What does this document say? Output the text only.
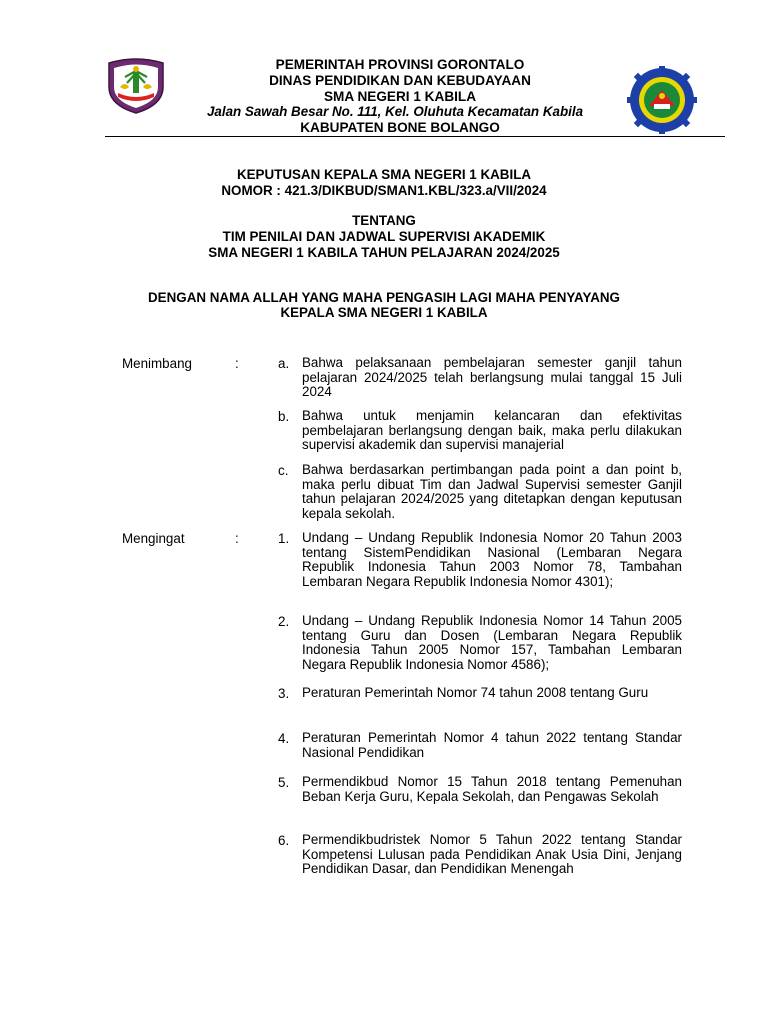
PEMERINTAH PROVINSI GORONTALO
DINAS PENDIDIKAN DAN KEBUDAYAAN
SMA NEGERI 1 KABILA
Jalan Sawah Besar No. 111, Kel. Oluhuta Kecamatan Kabila
KABUPATEN BONE BOLANGO
KEPUTUSAN KEPALA SMA NEGERI 1 KABILA
NOMOR : 421.3/DIKBUD/SMAN1.KBL/323.a/VII/2024
TENTANG
TIM PENILAI DAN JADWAL SUPERVISI AKADEMIK
SMA NEGERI 1 KABILA TAHUN PELAJARAN 2024/2025
DENGAN NAMA ALLAH YANG MAHA PENGASIH LAGI MAHA PENYAYANG
KEPALA SMA NEGERI 1 KABILA
Menimbang	:	a. Bahwa pelaksanaan pembelajaran semester ganjil tahun pelajaran 2024/2025 telah berlangsung mulai tanggal 15 Juli 2024
b. Bahwa untuk menjamin kelancaran dan efektivitas pembelajaran berlangsung dengan baik, maka perlu dilakukan supervisi akademik dan supervisi manajerial
c. Bahwa berdasarkan pertimbangan pada point a dan point b, maka perlu dibuat Tim dan Jadwal Supervisi semester Ganjil tahun pelajaran 2024/2025 yang ditetapkan dengan keputusan kepala sekolah.
Mengingat	:	1. Undang – Undang Republik Indonesia Nomor 20 Tahun 2003 tentang SistemPendidikan Nasional (Lembaran Negara Republik Indonesia Tahun 2003 Nomor 78, Tambahan Lembaran Negara Republik Indonesia Nomor 4301);
2. Undang – Undang Republik Indonesia Nomor 14 Tahun 2005 tentang Guru dan Dosen (Lembaran Negara Republik Indonesia Tahun 2005 Nomor 157, Tambahan Lembaran Negara Republik Indonesia Nomor 4586);
3. Peraturan Pemerintah Nomor 74 tahun 2008 tentang Guru
4. Peraturan Pemerintah Nomor 4 tahun 2022 tentang Standar Nasional Pendidikan
5. Permendikbud Nomor 15 Tahun 2018 tentang Pemenuhan Beban Kerja Guru, Kepala Sekolah, dan Pengawas Sekolah
6. Permendikbudristek Nomor 5 Tahun 2022 tentang Standar Kompetensi Lulusan pada Pendidikan Anak Usia Dini, Jenjang Pendidikan Dasar, dan Pendidikan Menengah
